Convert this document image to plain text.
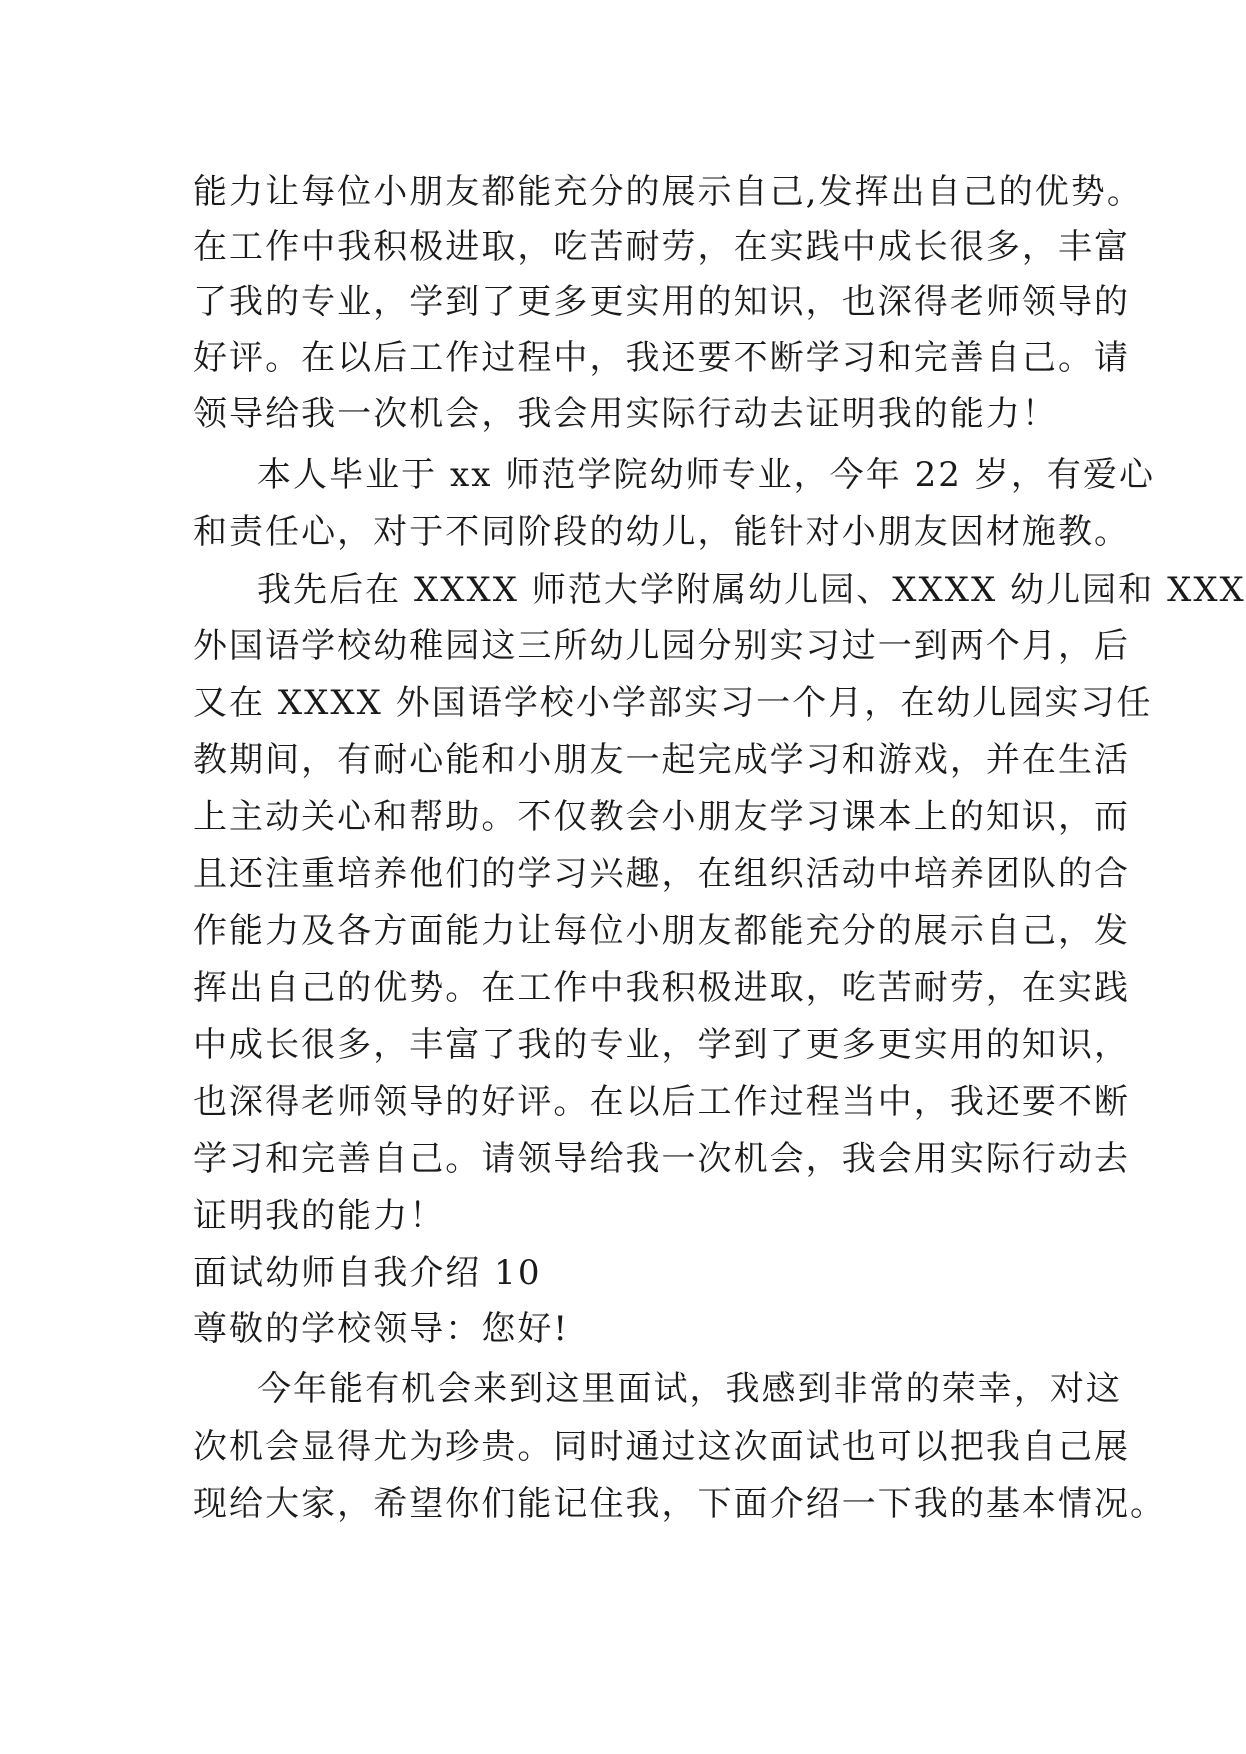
能力让每位小朋友都能充分的展示自己,发挥出自己的优势。
在工作中我积极进取，吃苦耐劳，在实践中成长很多，丰富
了我的专业，学到了更多更实用的知识，也深得老师领导的
好评。在以后工作过程中，我还要不断学习和完善自己。请
领导给我一次机会，我会用实际行动去证明我的能力！
本人毕业于 xx 师范学院幼师专业，今年 22 岁，有爱心
和责任心，对于不同阶段的幼儿，能针对小朋友因材施教。
我先后在 XXXX 师范大学附属幼儿园、XXXX 幼儿园和 XXX
外国语学校幼稚园这三所幼儿园分别实习过一到两个月，后
又在 XXXX 外国语学校小学部实习一个月，在幼儿园实习任
教期间，有耐心能和小朋友一起完成学习和游戏，并在生活
上主动关心和帮助。不仅教会小朋友学习课本上的知识，而
且还注重培养他们的学习兴趣，在组织活动中培养团队的合
作能力及各方面能力让每位小朋友都能充分的展示自己，发
挥出自己的优势。在工作中我积极进取，吃苦耐劳，在实践
中成长很多，丰富了我的专业，学到了更多更实用的知识，
也深得老师领导的好评。在以后工作过程当中，我还要不断
学习和完善自己。请领导给我一次机会，我会用实际行动去
证明我的能力！
面试幼师自我介绍 10
尊敬的学校领导：您好!
今年能有机会来到这里面试，我感到非常的荣幸，对这
次机会显得尤为珍贵。同时通过这次面试也可以把我自己展
现给大家，希望你们能记住我，下面介绍一下我的基本情况。
